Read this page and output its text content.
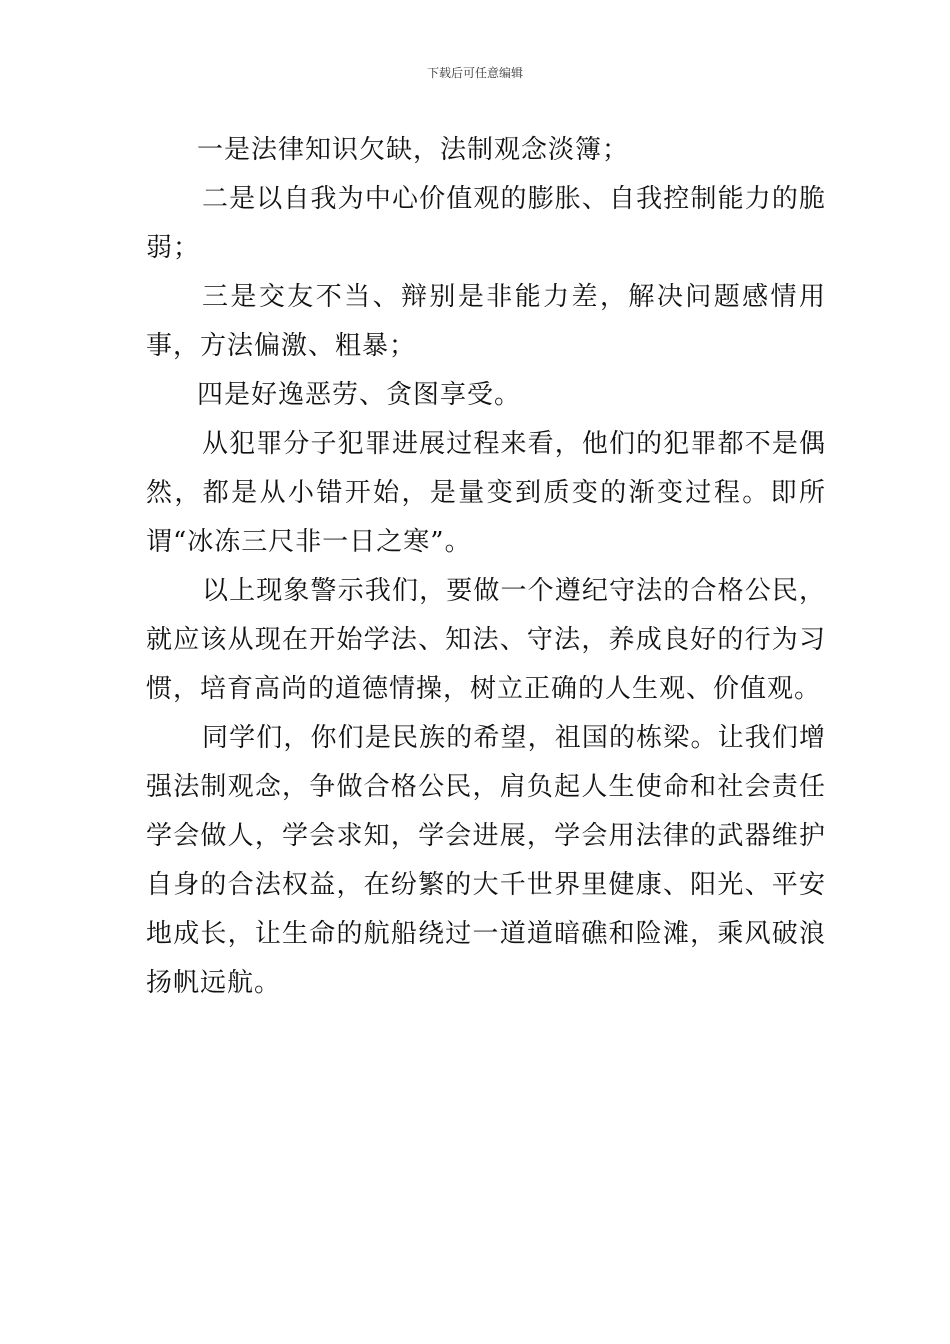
下载后可任意编辑

一是法律知识欠缺，法制观念淡簿；

二是以自我为中心价值观的膨胀、自我控制能力的脆弱；

三是交友不当、辩别是非能力差，解决问题感情用事，方法偏激、粗暴；

四是好逸恶劳、贪图享受。

从犯罪分子犯罪进展过程来看，他们的犯罪都不是偶然，都是从小错开始，是量变到质变的渐变过程。即所谓“冰冻三尺非一日之寒”。

以上现象警示我们，要做一个遵纪守法的合格公民，就应该从现在开始学法、知法、守法，养成良好的行为习惯，培育高尚的道德情操，树立正确的人生观、价值观。

同学们，你们是民族的希望，祖国的栋梁。让我们增强法制观念，争做合格公民，肩负起人生使命和社会责任学会做人，学会求知，学会进展，学会用法律的武器维护自身的合法权益，在纷繁的大千世界里健康、阳光、平安地成长，让生命的航船绕过一道道暗礁和险滩，乘风破浪扬帆远航。
